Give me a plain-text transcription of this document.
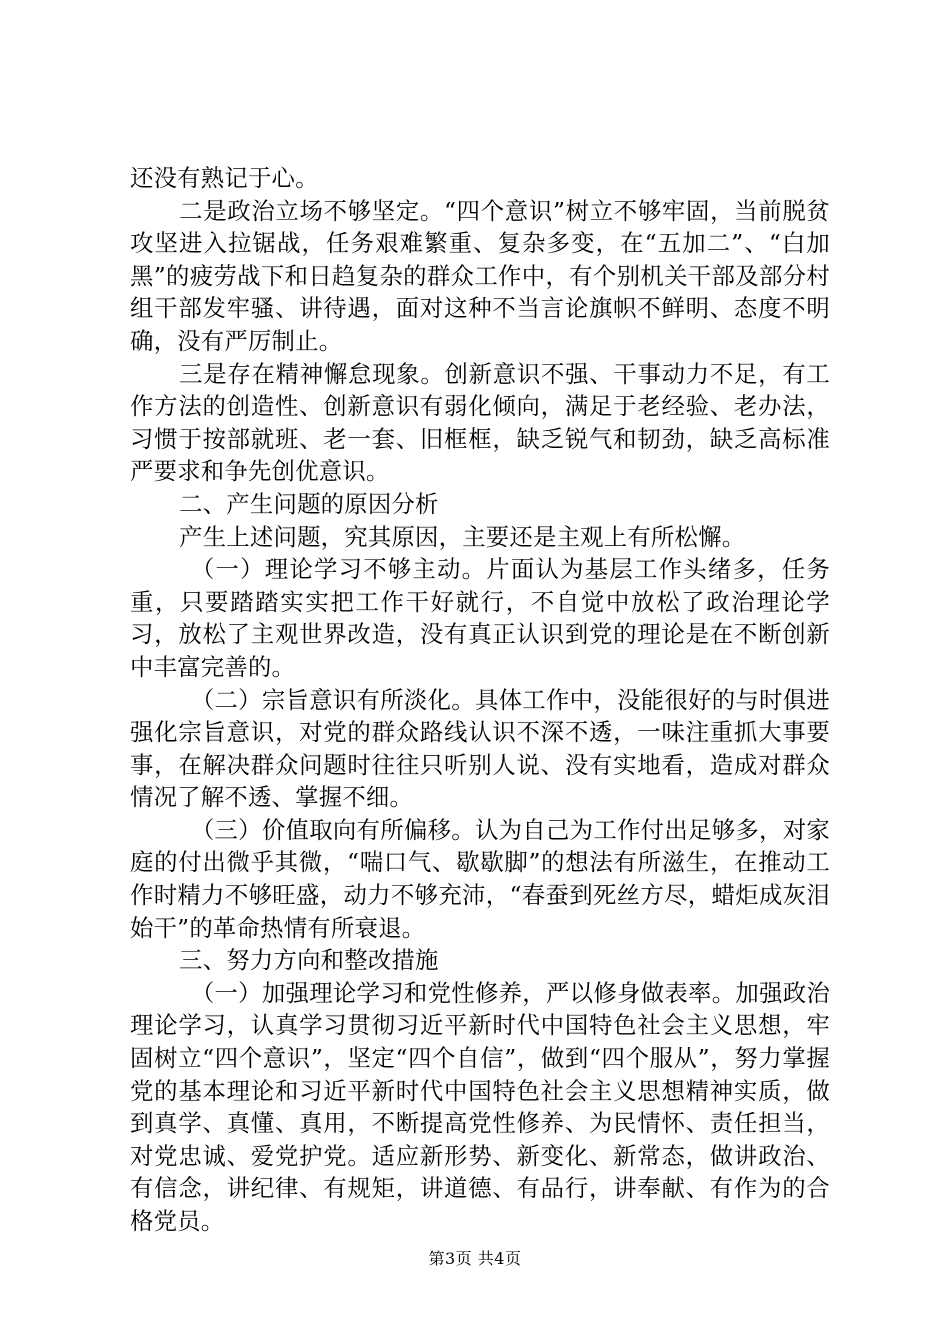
还没有熟记于心。

二是政治立场不够坚定。“四个意识”树立不够牢固，当前脱贫攻坚进入拉锯战，任务艰难繁重、复杂多变，在“五加二”、“白加黑”的疲劳战下和日趋复杂的群众工作中，有个别机关干部及部分村组干部发牢骚、讲待遇，面对这种不当言论旗帜不鲜明、态度不明确，没有严厉制止。

三是存在精神懈怠现象。创新意识不强、干事动力不足，有工作方法的创造性、创新意识有弱化倾向，满足于老经验、老办法，习惯于按部就班、老一套、旧框框，缺乏锐气和韧劲，缺乏高标准严要求和争先创优意识。

二、产生问题的原因分析

产生上述问题，究其原因，主要还是主观上有所松懈。

（一）理论学习不够主动。片面认为基层工作头绪多，任务重，只要踏踏实实把工作干好就行，不自觉中放松了政治理论学习，放松了主观世界改造，没有真正认识到党的理论是在不断创新中丰富完善的。

（二）宗旨意识有所淡化。具体工作中，没能很好的与时俱进强化宗旨意识，对党的群众路线认识不深不透，一味注重抓大事要事，在解决群众问题时往往只听别人说、没有实地看，造成对群众情况了解不透、掌握不细。

（三）价值取向有所偏移。认为自己为工作付出足够多，对家庭的付出微乎其微，“喘口气、歇歇脚”的想法有所滋生，在推动工作时精力不够旺盛，动力不够充沛，“春蚕到死丝方尽，蜡炬成灰泪始干”的革命热情有所衰退。

三、努力方向和整改措施

（一）加强理论学习和党性修养，严以修身做表率。加强政治理论学习，认真学习贯彻习近平新时代中国特色社会主义思想，牢固树立“四个意识”，坚定“四个自信”，做到“四个服从”，努力掌握党的基本理论和习近平新时代中国特色社会主义思想精神实质，做到真学、真懂、真用，不断提高党性修养、为民情怀、责任担当，对党忠诚、爱党护党。适应新形势、新变化、新常态，做讲政治、有信念，讲纪律、有规矩，讲道德、有品行，讲奉献、有作为的合格党员。

第3页 共4页
